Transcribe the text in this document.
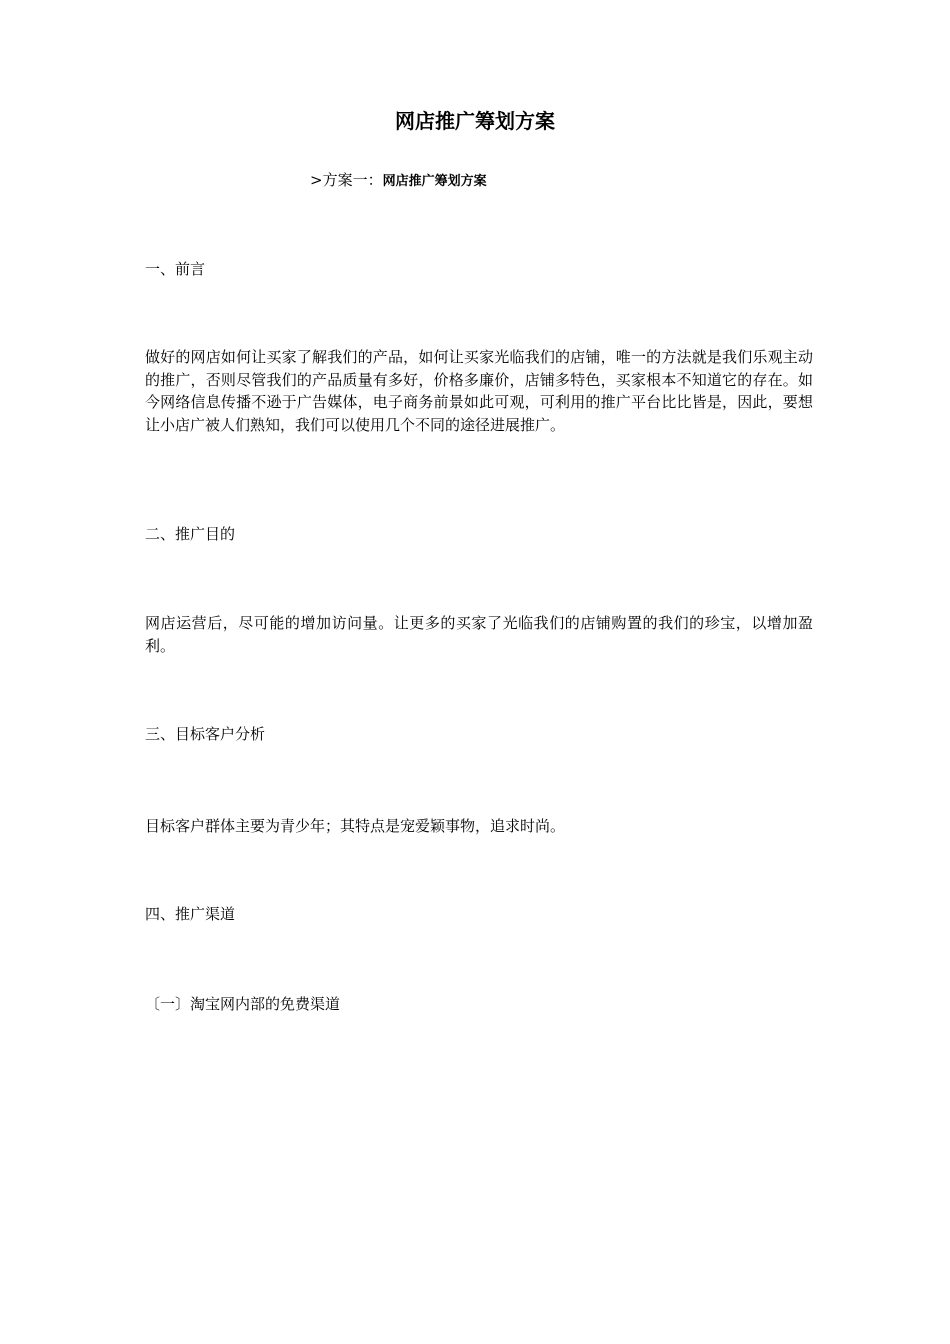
网店推广筹划方案
>方案一：网店推广筹划方案
一、前言
做好的网店如何让买家了解我们的产品，如何让买家光临我们的店铺，唯一的方法就是我们乐观主动的推广，否则尽管我们的产品质量有多好，价格多廉价，店铺多特色，买家根本不知道它的存在。如今网络信息传播不逊于广告媒体，电子商务前景如此可观，可利用的推广平台比比皆是，因此，要想让小店广被人们熟知，我们可以使用几个不同的途径进展推广。
二、推广目的
网店运营后，尽可能的增加访问量。让更多的买家了光临我们的店铺购置的我们的珍宝，以增加盈利。
三、目标客户分析
目标客户群体主要为青少年；其特点是宠爱颖事物，追求时尚。
四、推广渠道
〔一〕淘宝网内部的免费渠道
